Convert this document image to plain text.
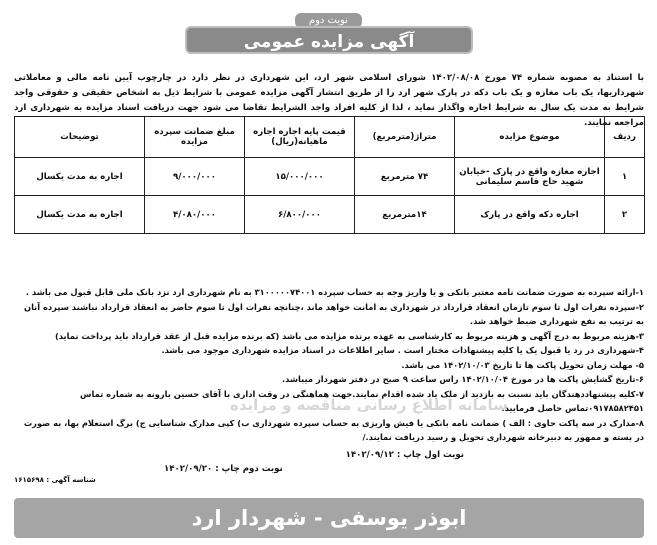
نوبت دوم
آگهی مزایده عمومی

با استناد به مصوبه شماره ۷۴ مورخ ۱۴۰۲/۰۸/۰۸ شورای اسلامی شهر ارد، این شهرداری در نظر دارد در چارچوب آیین نامه مالی و معاملاتی شهرداریها، یک باب مغازه و یک باب دکه در پارک شهر ارد را از طریق انتشار آگهی مزایده عمومی با شرایط ذیل به اشخاص حقیقی و حقوقی واجد شرایط به مدت یک سال به شرایط اجاره واگذار نماید ، لذا از کلیه افراد واجد الشرایط تقاضا می شود جهت دریافت اسناد مزایده به شهرداری ارد مراجعه نمایند.

ردیف	موضوع مزایده	متراژ(مترمربع)	قیمت پایه اجاره اجاره ماهیانه(ریال)	مبلغ ضمانت سپرده مزایده	توضیحات
۱	اجاره مغازه واقع در پارک -خیابان شهید حاج قاسم سلیمانی	۷۴ مترمربع	۱۵/۰۰۰/۰۰۰	۹/۰۰۰/۰۰۰	اجاره به مدت یکسال
۲	اجاره دکه واقع در پارک	۱۴مترمربع	۶/۸۰۰/۰۰۰	۴/۰۸۰/۰۰۰	اجاره به مدت یکسال

۱-ارائه سپرده به صورت ضمانت نامه معتبر بانکی و یا واریز وجه به حساب سپرده ۳۱۰۰۰۰۰۷۴۰۰۱ به نام شهرداری ارد نزد بانک ملی قابل قبول می باشد .

۲-سپرده نفرات اول تا سوم تازمان انعقاد قرارداد در شهرداری به امانت خواهد ماند ،چنانچه نفرات اول تا سوم حاضر به انعقاد قرارداد نباشند سپرده آنان به ترتیب به نفع شهرداری ضبط خواهد شد.

۳-هزینه مربوط به درج آگهی و هزینه مربوط به کارشناسی به عهده برنده مزایده می باشد (که برنده مزایده قبل از عقد قرارداد باید پرداخت نماید)

۴-شهرداری در رد یا قبول یک یا کلیه پیشنهادات مختار است . سایر اطلاعات در اسناد مزایده شهرداری موجود می باشد.

۵- مهلت زمان تحویل پاکت ها تا تاریخ ۱۴۰۲/۱۰/۰۳ می باشد.

۶-تاریخ گشایش پاکت ها در مورخ ۱۴۰۲/۱۰/۰۴ راس ساعت ۹ صبح در دفتر شهردار میباشد.

۷-کلیه پیشنهاددهندگان باید نسبت به بازدید از ملک یاد شده اقدام نمایند.جهت هماهنگی در وقت اداری با آقای حسین بارونه به شماره تماس ۰۹۱۷۸۵۸۲۴۵۱تماس حاصل فرمایید.

۸-مدارک در سه پاکت حاوی : الف ) ضمانت نامه بانکی یا فیش واریزی به حساب سپرده شهرداری ب) کپی مدارک شناسایی ج) برگ استعلام بها، به صورت در بسته و ممهور به دبیرخانه شهرداری تحویل و رسید دریافت نمایند./

سامانه اطلاع رسانی مناقصه و مزایده
نوبت اول چاپ : ۱۴۰۲/۰۹/۱۲
نوبت دوم چاپ : ۱۴۰۲/۰۹/۲۰
شناسه آگهی : ۱۶۱۵۶۹۸
ابوذر یوسفی - شهردار ارد
